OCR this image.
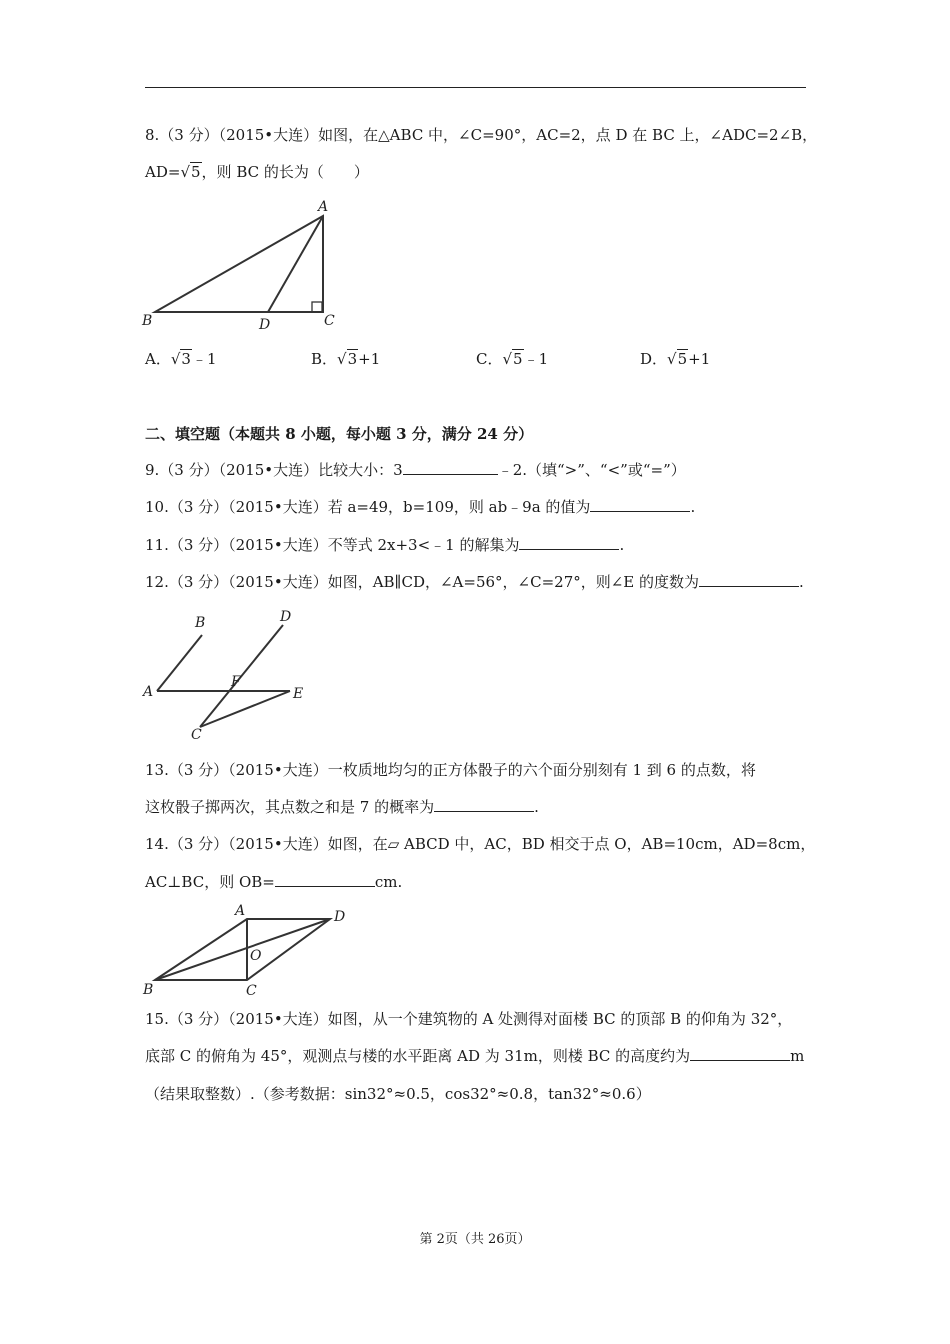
8.（3 分）（2015•大连）如图，在△ABC 中，∠C=90°，AC=2，点 D 在 BC 上，∠ADC=2∠B，
AD=√5，则 BC 的长为（　　）
A
B	C
D
A．√3﹣1	B．√3+1	C．√5﹣1	D．√5+1
二、填空题（本题共 8 小题，每小题 3 分，满分 24 分）
9.（3 分）（2015•大连）比较大小：3	﹣2.（填“>”、“<”或“=”）
10.（3 分）（2015•大连）若 a=49，b=109，则 ab﹣9a 的值为	.
11.（3 分）（2015•大连）不等式 2x+3<﹣1 的解集为	.
12.（3 分）（2015•大连）如图，AB∥CD，∠A=56°，∠C=27°，则∠E 的度数为	.
B	D
A
F
E
C
13.（3 分）（2015•大连）一枚质地均匀的正方体骰子的六个面分别刻有 1 到 6 的点数，将
这枚骰子掷两次，其点数之和是 7 的概率为	.
14.（3 分）（2015•大连）如图，在▱ ABCD 中，AC，BD 相交于点 O，AB=10cm，AD=8cm，
AC⊥BC，则 OB=	cm.
A	D
O
B	C
15.（3 分）（2015•大连）如图，从一个建筑物的 A 处测得对面楼 BC 的顶部 B 的仰角为 32°，
底部 C 的俯角为 45°，观测点与楼的水平距离 AD 为 31m，则楼 BC 的高度约为	m
（结果取整数）.（参考数据：sin32°≈0.5，cos32°≈0.8，tan32°≈0.6）
第 2页（共 26页）
